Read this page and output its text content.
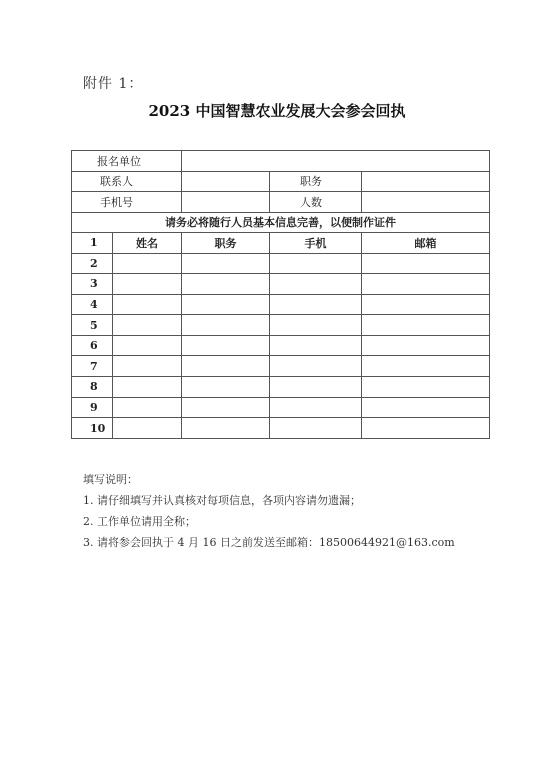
附件 1：
2023 中国智慧农业发展大会参会回执
报名单位				
联系人			职务	
手机号			人数	
请务必将随行人员基本信息完善，以便制作证件				
1	姓名	职务	手机	邮箱
2				
3				
4				
5				
6				
7				
8				
9				
10				
填写说明：
1. 请仔细填写并认真核对每项信息，各项内容请勿遗漏；
2. 工作单位请用全称；
3. 请将参会回执于 4 月 16 日之前发送至邮箱：18500644921@163.com
